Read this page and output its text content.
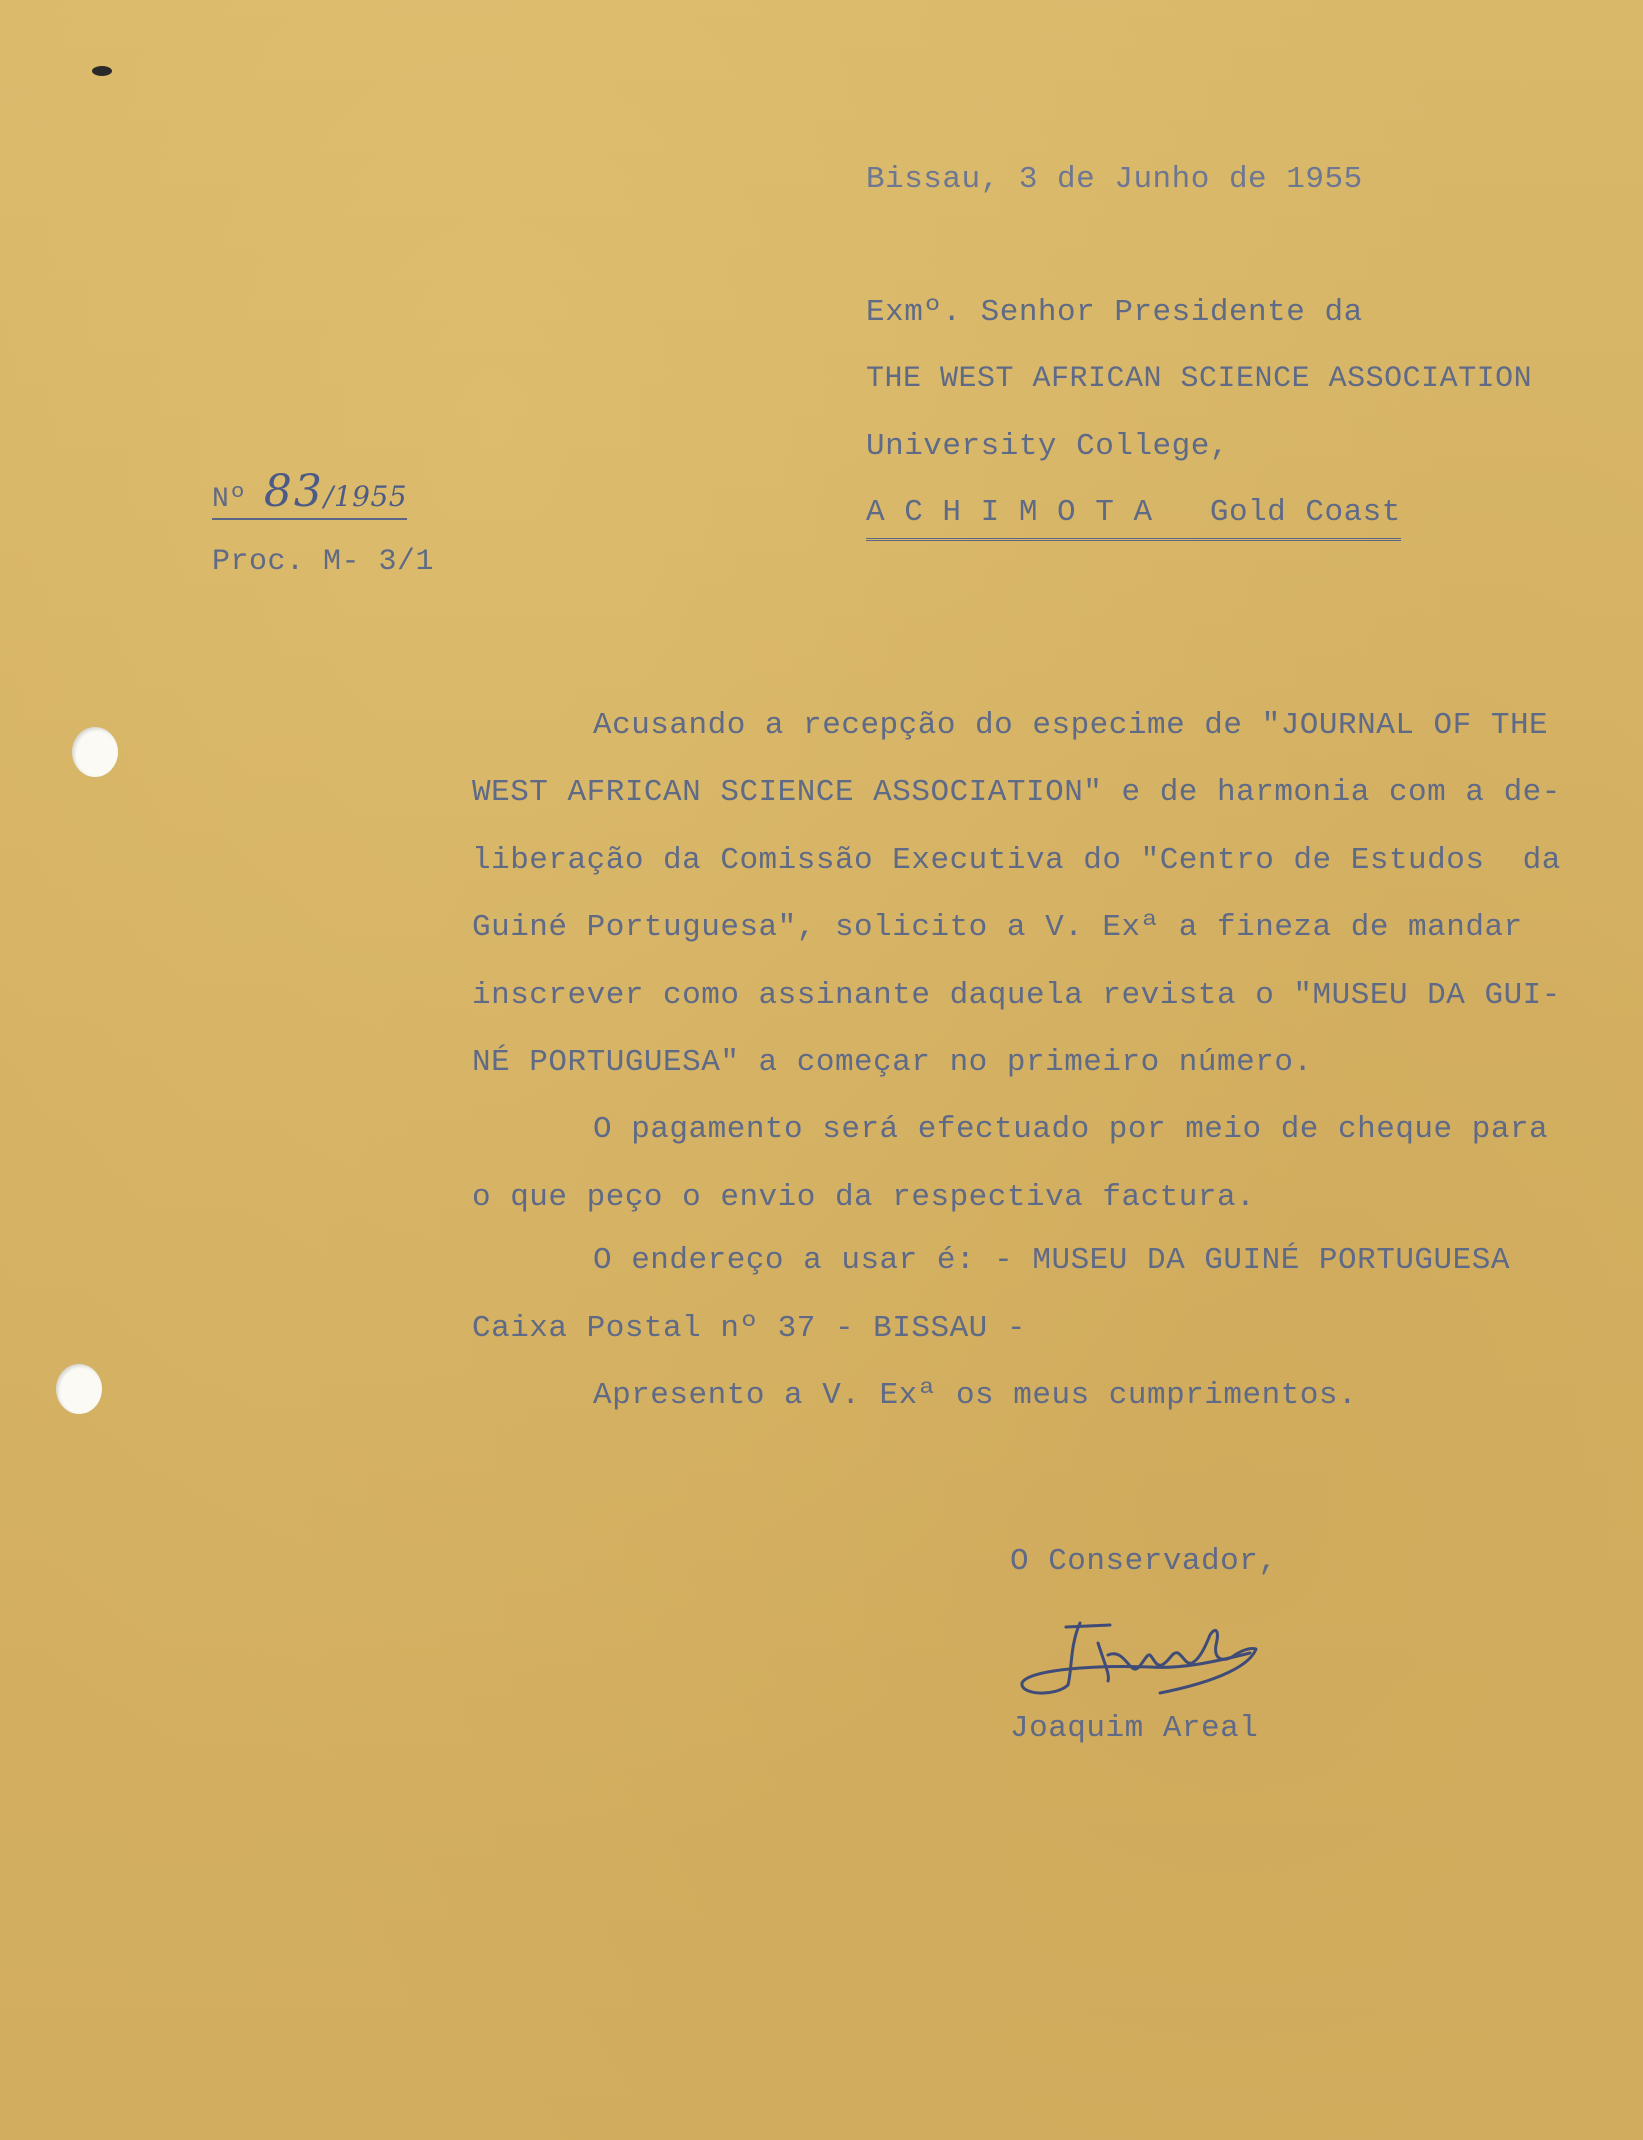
Bissau, 3 de Junho de 1955

Exmº. Senhor Presidente da

THE WEST AFRICAN SCIENCE ASSOCIATION

University College,

A C H I M O T A Gold Coast

Nº 83/1955

Proc. M- 3/1

Acusando a recepção do especime de "JOURNAL OF THE

WEST AFRICAN SCIENCE ASSOCIATION" e de harmonia com a de-

liberação da Comissão Executiva do "Centro de Estudos  da

Guiné Portuguesa", solicito a V. Exª a fineza de mandar

inscrever como assinante daquela revista o "MUSEU DA GUI-

NÉ PORTUGUESA" a começar no primeiro número.

O pagamento será efectuado por meio de cheque para

o que peço o envio da respectiva factura.

O endereço a usar é: - MUSEU DA GUINÉ PORTUGUESA

Caixa Postal nº 37 - BISSAU -

Apresento a V. Exª os meus cumprimentos.

O Conservador,

Joaquim Areal
